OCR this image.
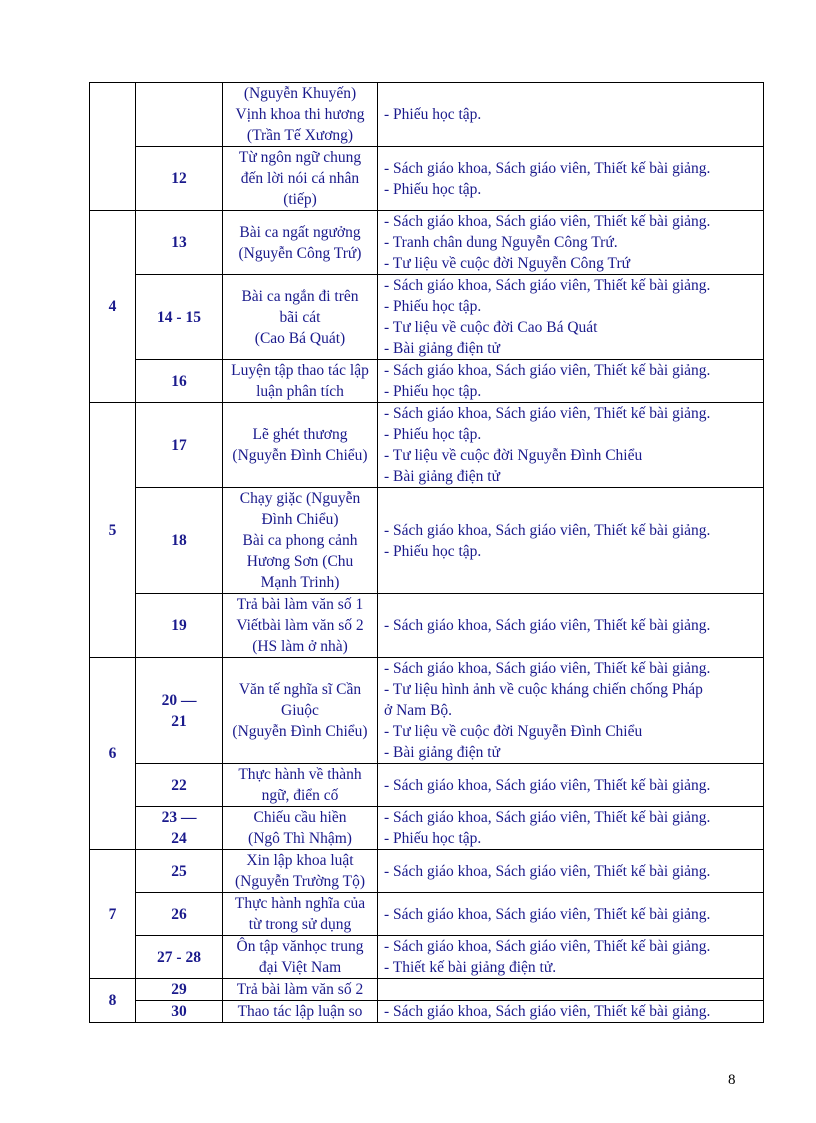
		(Nguyễn Khuyến)
Vịnh khoa thi hương
(Trần Tế Xương)	- Phiếu học tập.

	12	Từ ngôn ngữ chung
đến lời nói cá nhân
(tiếp)	- Sách giáo khoa, Sách giáo viên, Thiết kế bài giảng.
- Phiếu học tập.

4	13	Bài ca ngất ngưởng
(Nguyễn Công Trứ)	- Sách giáo khoa, Sách giáo viên, Thiết kế bài giảng.
- Tranh chân dung Nguyễn Công Trứ.
- Tư liệu về cuộc đời Nguyễn Công Trứ

	14 - 15	Bài ca ngắn đi trên
bãi cát
(Cao Bá Quát)	- Sách giáo khoa, Sách giáo viên, Thiết kế bài giảng.
- Phiếu học tập.
- Tư liệu về cuộc đời Cao Bá Quát
- Bài giảng điện tử

	16	Luyện tập thao tác lập
luận phân tích	- Sách giáo khoa, Sách giáo viên, Thiết kế bài giảng.
- Phiếu học tập.

5	17	Lẽ ghét thương
(Nguyễn Đình Chiểu)	- Sách giáo khoa, Sách giáo viên, Thiết kế bài giảng.
- Phiếu học tập.
- Tư liệu về cuộc đời Nguyễn Đình Chiểu
- Bài giảng điện tử

	18	Chạy giặc (Nguyễn
Đình Chiểu)
Bài ca phong cảnh
Hương Sơn (Chu
Mạnh Trinh)	- Sách giáo khoa, Sách giáo viên, Thiết kế bài giảng.
- Phiếu học tập.

	19	Trả bài làm văn số 1
Viếtbài làm văn số 2
(HS làm ở nhà)	- Sách giáo khoa, Sách giáo viên, Thiết kế bài giảng.

6	20 —
21	Văn tế nghĩa sĩ Cần
Giuộc
(Nguyễn Đình Chiểu)	- Sách giáo khoa, Sách giáo viên, Thiết kế bài giảng.
- Tư liệu hình ảnh về cuộc kháng chiến chống Pháp
ở Nam Bộ.
- Tư liệu về cuộc đời Nguyễn Đình Chiểu
- Bài giảng điện tử

	22	Thực hành về thành
ngữ, điển cố	- Sách giáo khoa, Sách giáo viên, Thiết kế bài giảng.

	23 —
24	Chiếu cầu hiền
(Ngô Thì Nhậm)	- Sách giáo khoa, Sách giáo viên, Thiết kế bài giảng.
- Phiếu học tập.

7	25	Xin lập khoa luật
(Nguyễn Trường Tộ)	- Sách giáo khoa, Sách giáo viên, Thiết kế bài giảng.

	26	Thực hành nghĩa của
từ trong sử dụng	- Sách giáo khoa, Sách giáo viên, Thiết kế bài giảng.

	27 - 28	Ôn tập vănhọc trung
đại Việt Nam	- Sách giáo khoa, Sách giáo viên, Thiết kế bài giảng.
- Thiết kế bài giảng điện tử.

8	29	Trả bài làm văn số 2	

	30	Thao tác lập luận so	- Sách giáo khoa, Sách giáo viên, Thiết kế bài giảng.
8
